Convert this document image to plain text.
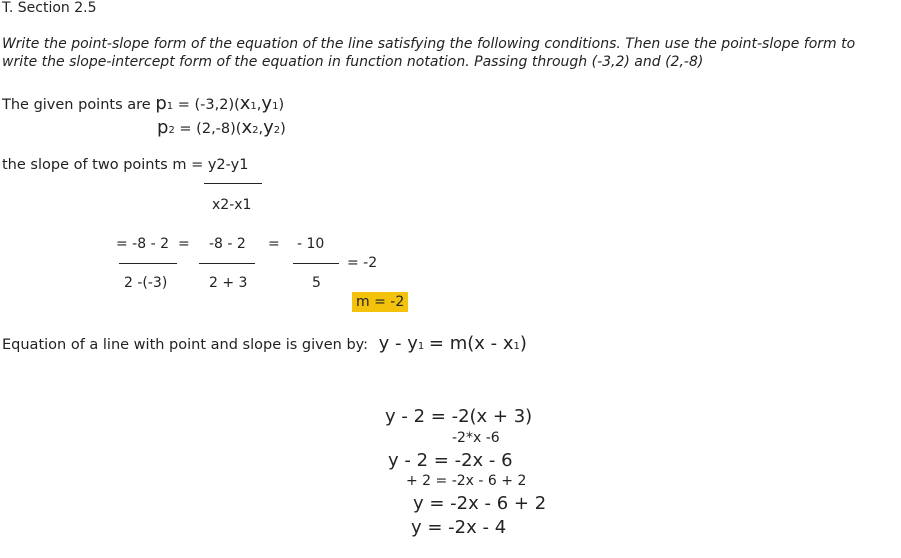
T. Section 2.5
Write the point-slope form of the equation of the line satisfying the following conditions. Then use the point-slope form to
write the slope-intercept form of the equation in function notation. Passing through (-3,2) and (2,-8)
The given points are p1 = (-3,2)(x1,y1)
p2 = (2,-8)(x2,y2)
the slope of two points m = y2-y1
x2-x1
= -8 - 2 = -8 - 2 = - 10
= -2
2 -(-3)	2 + 3	5
m = -2
Equation of a line with point and slope is given by: y - y1 = m(x - x1)
y - 2 = -2(x + 3)
-2*x -6
y - 2 = -2x - 6
+ 2 = -2x - 6 + 2
y = -2x - 6 + 2
y = -2x - 4
